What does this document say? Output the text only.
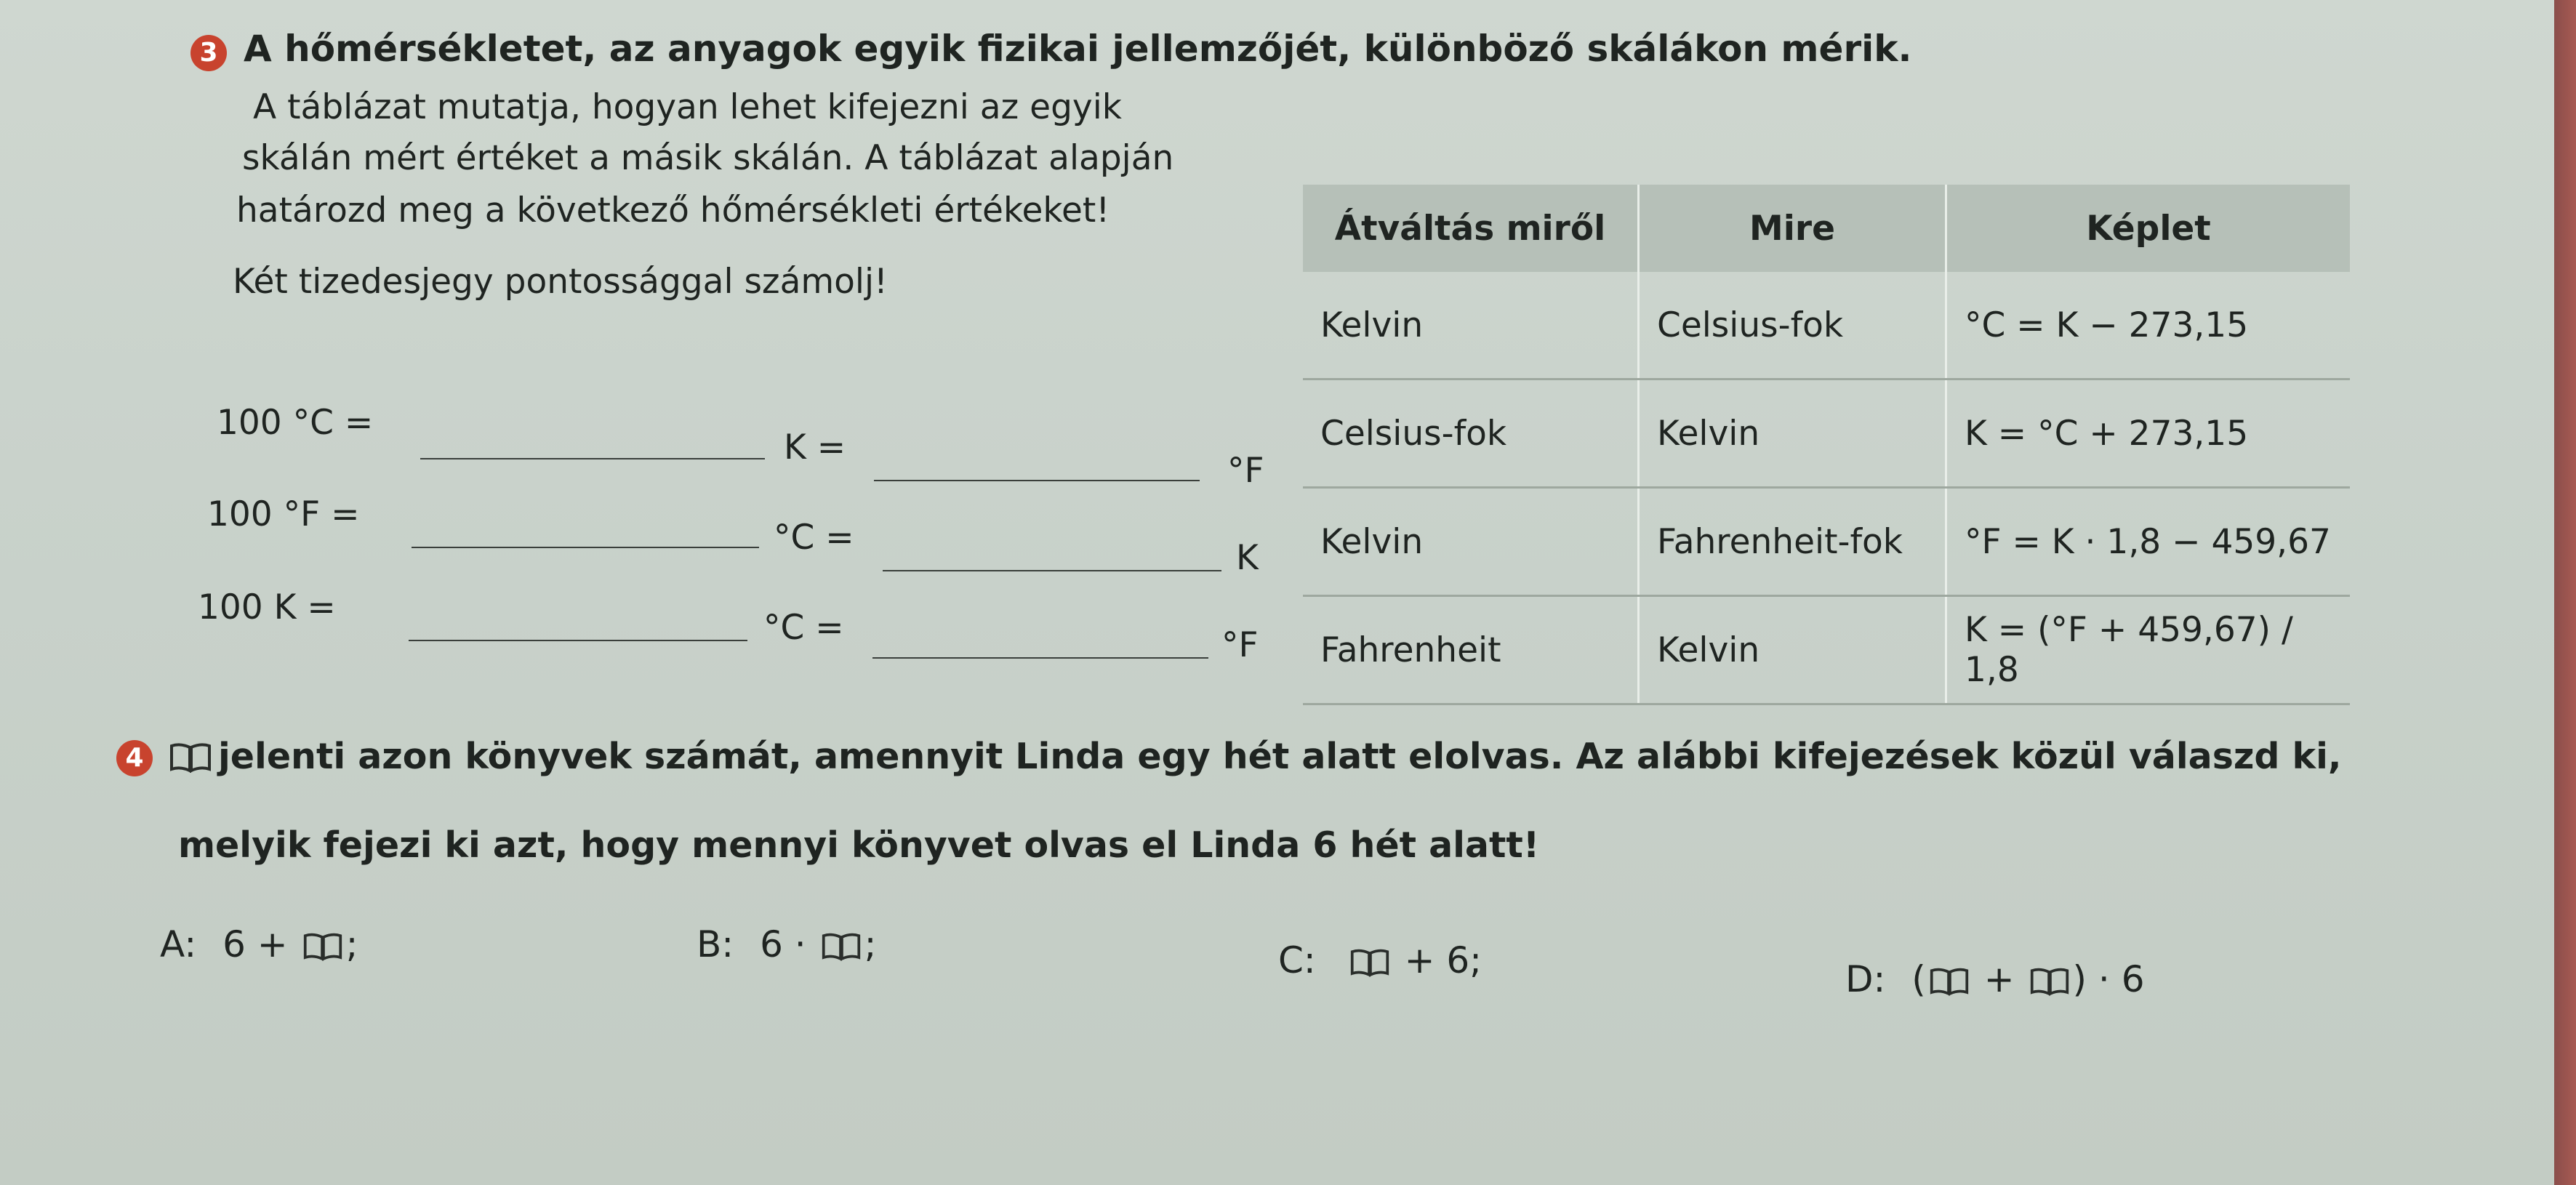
3 A hőmérsékletet, az anyagok egyik fizikai jellemzőjét, különböző skálákon mérik.
A táblázat mutatja, hogyan lehet kifejezni az egyik
skálán mért értéket a másik skálán. A táblázat alapján
határozd meg a következő hőmérsékleti értékeket!
Két tizedesjegy pontossággal számolj!
100 °C =
K =
°F
100 °F =
°C =
K
100 K =
°C =	°F
Átváltás miről	Mire	Képlet
Kelvin	Celsius-fok	°C = K − 273,15
Celsius-fok	Kelvin	K = °C + 273,15
Kelvin	Fahrenheit-fok	°F = K · 1,8 − 459,67
Fahrenheit	Kelvin	K = (°F + 459,67) / 1,8
4 jelenti azon könyvek számát, amennyit Linda egy hét alatt elolvas. Az alábbi kifejezések közül válaszd ki,
melyik fejezi ki azt, hogy mennyi könyvet olvas el Linda 6 hét alatt!
A: 6 + ;	B: 6 · ;	C: + 6;	D: ( + ) · 6
